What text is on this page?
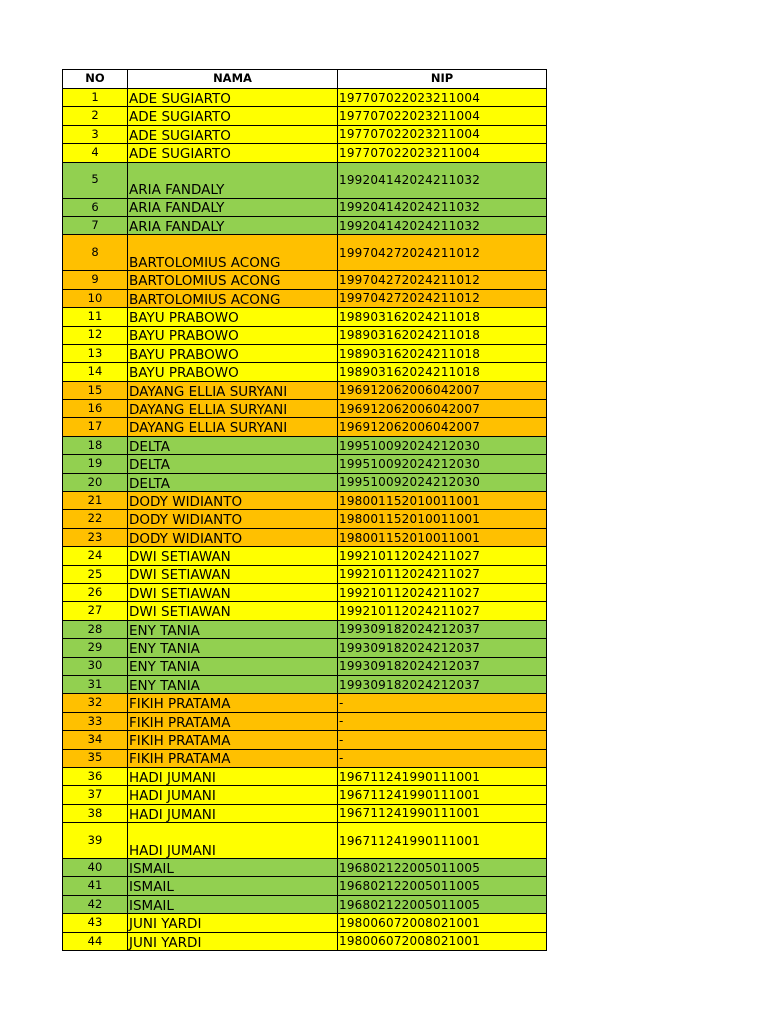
NO	NAMA	NIP
1	ADE SUGIARTO	197707022023211004
2	ADE SUGIARTO	197707022023211004
3	ADE SUGIARTO	197707022023211004
4	ADE SUGIARTO	197707022023211004
5	ARIA FANDALY	199204142024211032
6	ARIA FANDALY	199204142024211032
7	ARIA FANDALY	199204142024211032
8	BARTOLOMIUS ACONG	199704272024211012
9	BARTOLOMIUS ACONG	199704272024211012
10	BARTOLOMIUS ACONG	199704272024211012
11	BAYU PRABOWO	198903162024211018
12	BAYU PRABOWO	198903162024211018
13	BAYU PRABOWO	198903162024211018
14	BAYU PRABOWO	198903162024211018
15	DAYANG ELLIA SURYANI	196912062006042007
16	DAYANG ELLIA SURYANI	196912062006042007
17	DAYANG ELLIA SURYANI	196912062006042007
18	DELTA	199510092024212030
19	DELTA	199510092024212030
20	DELTA	199510092024212030
21	DODY WIDIANTO	198001152010011001
22	DODY WIDIANTO	198001152010011001
23	DODY WIDIANTO	198001152010011001
24	DWI SETIAWAN	199210112024211027
25	DWI SETIAWAN	199210112024211027
26	DWI SETIAWAN	199210112024211027
27	DWI SETIAWAN	199210112024211027
28	ENY TANIA	199309182024212037
29	ENY TANIA	199309182024212037
30	ENY TANIA	199309182024212037
31	ENY TANIA	199309182024212037
32	FIKIH PRATAMA	-
33	FIKIH PRATAMA	-
34	FIKIH PRATAMA	-
35	FIKIH PRATAMA	-
36	HADI JUMANI	196711241990111001
37	HADI JUMANI	196711241990111001
38	HADI JUMANI	196711241990111001
39	HADI JUMANI	196711241990111001
40	ISMAIL	196802122005011005
41	ISMAIL	196802122005011005
42	ISMAIL	196802122005011005
43	JUNI YARDI	198006072008021001
44	JUNI YARDI	198006072008021001
